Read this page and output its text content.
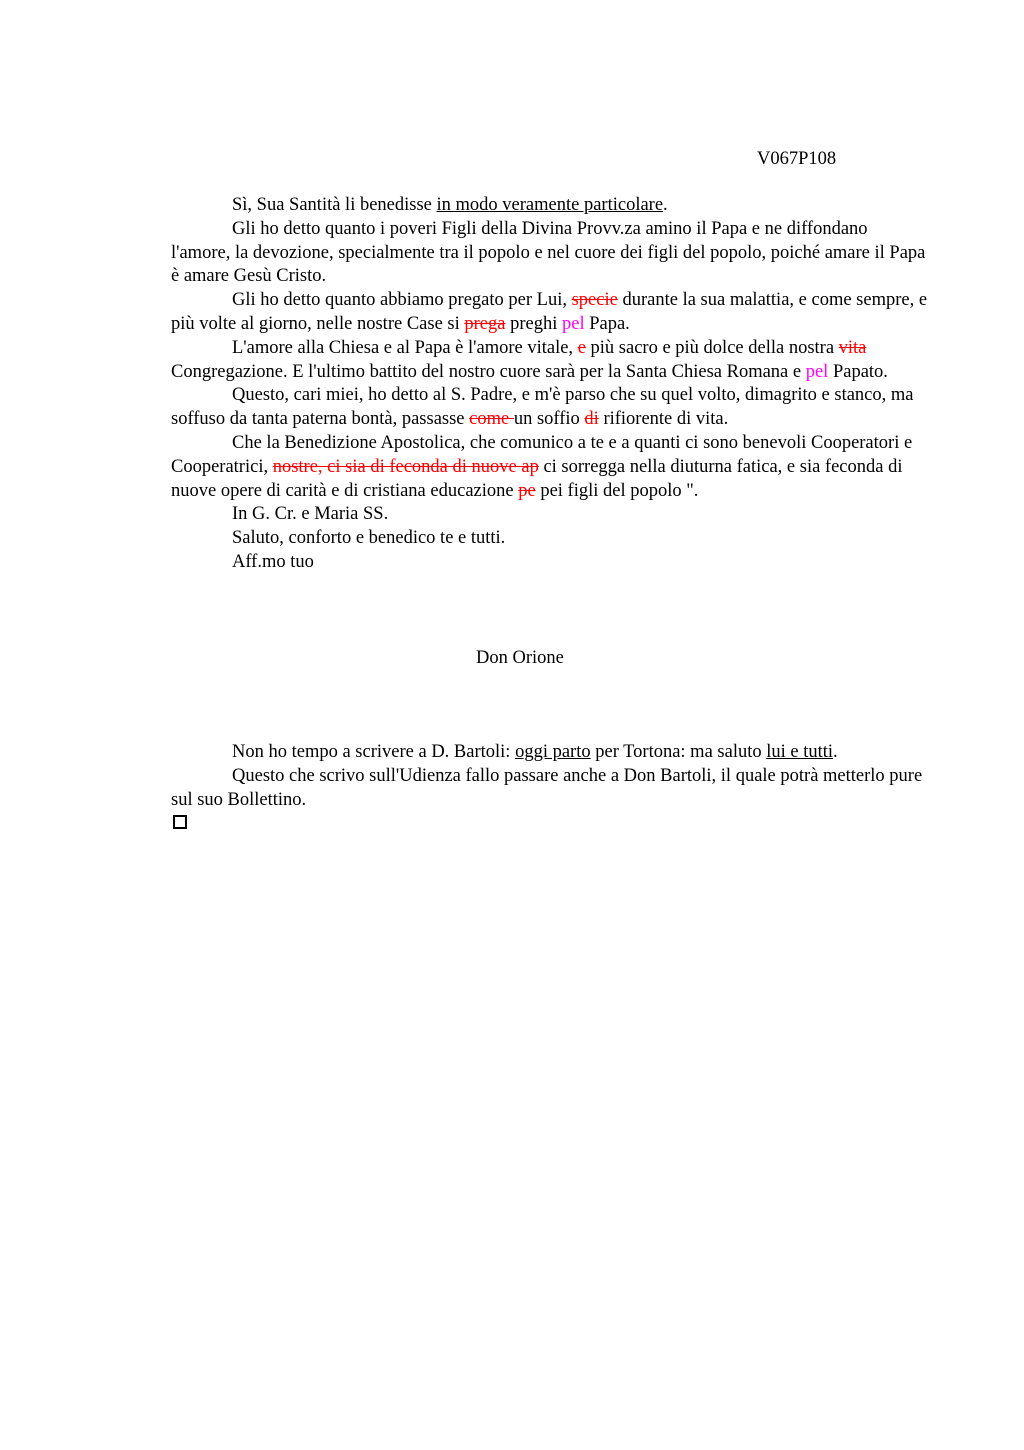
V067P108

Sì, Sua Santità li benedisse in modo veramente particolare.

Gli ho detto quanto i poveri Figli della Divina Provv.za amino il Papa e ne diffondano l'amore, la devozione, specialmente tra il popolo e nel cuore dei figli del popolo, poiché amare il Papa è amare Gesù Cristo.

Gli ho detto quanto abbiamo pregato per Lui, specie durante la sua malattia, e come sempre, e più volte al giorno, nelle nostre Case si prega preghi pel Papa.

L'amore alla Chiesa e al Papa è l'amore vitale, e più sacro e più dolce della nostra vita Congregazione. E l'ultimo battito del nostro cuore sarà per la Santa Chiesa Romana e pel Papato.

Questo, cari miei, ho detto al S. Padre, e m'è parso che su quel volto, dimagrito e stanco, ma soffuso da tanta paterna bontà, passasse come un soffio di rifiorente di vita.

Che la Benedizione Apostolica, che comunico a te e a quanti ci sono benevoli Cooperatori e Cooperatrici, nostre, ci sia di feconda di nuove ap ci sorregga nella diuturna fatica, e sia feconda di nuove opere di carità e di cristiana educazione pe pei figli del popolo ".

In G. Cr. e Maria SS.

Saluto, conforto e benedico te e tutti.

Aff.mo tuo

Don Orione

Non ho tempo a scrivere a D. Bartoli: oggi parto per Tortona: ma saluto lui e tutti.

Questo che scrivo sull'Udienza fallo passare anche a Don Bartoli, il quale potrà metterlo pure sul suo Bollettino.
